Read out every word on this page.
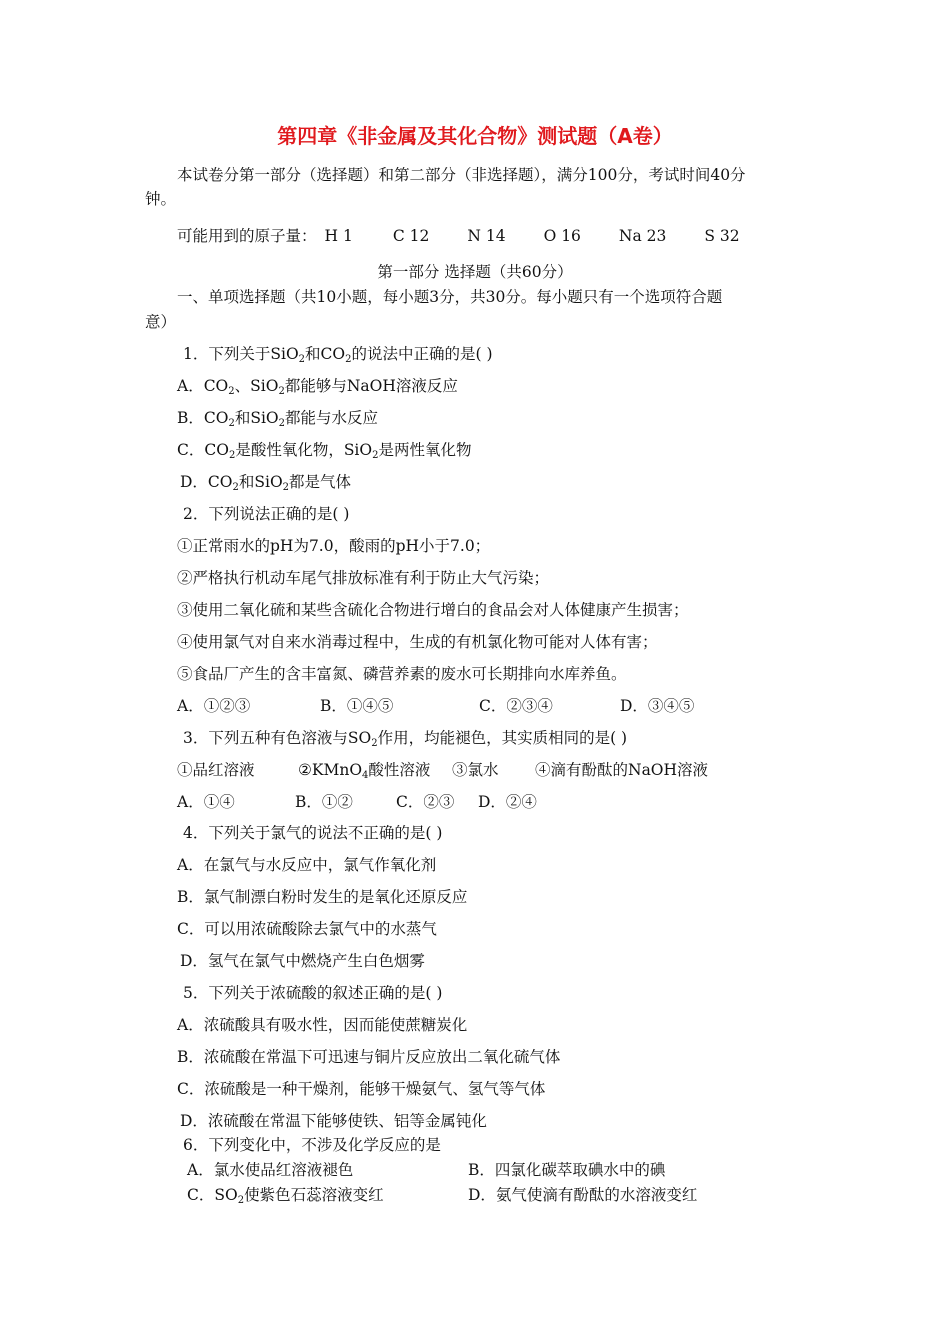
第四章《非金属及其化合物》测试题（A卷）
本试卷分第一部分（选择题）和第二部分（非选择题），满分100分，考试时间40分
钟。
可能用到的原子量： H 1	C 12 N 14 O 16 Na 23 S 32
第一部分 选择题（共60分）
一、单项选择题（共10小题，每小题3分，共30分。每小题只有一个选项符合题
意）
1．下列关于SiO2和CO2的说法中正确的是( )
A．CO2、SiO2都能够与NaOH溶液反应
B．CO2和SiO2都能与水反应
C．CO2是酸性氧化物，SiO2是两性氧化物
D．CO2和SiO2都是气体
2．下列说法正确的是( )
①正常雨水的pH为7.0，酸雨的pH小于7.0；
②严格执行机动车尾气排放标准有利于防止大气污染；
③使用二氧化硫和某些含硫化合物进行增白的食品会对人体健康产生损害；
④使用氯气对自来水消毒过程中，生成的有机氯化物可能对人体有害；
⑤食品厂产生的含丰富氮、磷营养素的废水可长期排向水库养鱼。
A．①②③	B．①④⑤	C．②③④	D．③④⑤
3．下列五种有色溶液与SO2作用，均能褪色，其实质相同的是( )
①品红溶液	②KMnO4酸性溶液 ③氯水 ④滴有酚酞的NaOH溶液
A．①④	B．①②	C．②③ D．②④
4．下列关于氯气的说法不正确的是( )
A．在氯气与水反应中，氯气作氧化剂
B．氯气制漂白粉时发生的是氧化还原反应
C．可以用浓硫酸除去氯气中的水蒸气
D．氢气在氯气中燃烧产生白色烟雾
5．下列关于浓硫酸的叙述正确的是( )
A．浓硫酸具有吸水性，因而能使蔗糖炭化
B．浓硫酸在常温下可迅速与铜片反应放出二氧化硫气体
C．浓硫酸是一种干燥剂，能够干燥氨气、氢气等气体
D．浓硫酸在常温下能够使铁、铝等金属钝化
6．下列变化中，不涉及化学反应的是
A．氯水使品红溶液褪色	B．四氯化碳萃取碘水中的碘
C．SO2使紫色石蕊溶液变红	D．氨气使滴有酚酞的水溶液变红
